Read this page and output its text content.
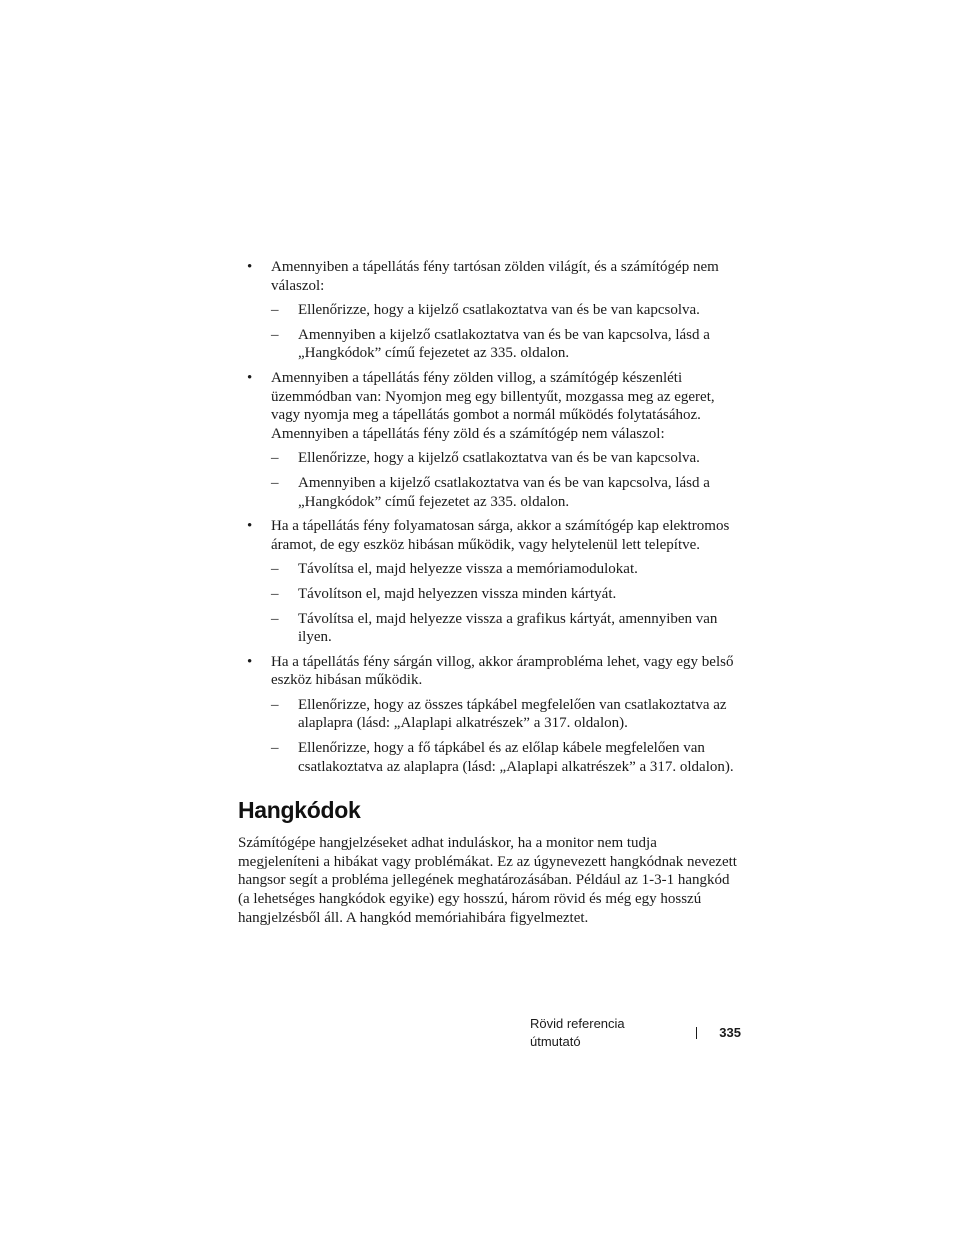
• Amennyiben a tápellátás fény tartósan zölden világít, és a számítógép nem válaszol:
– Ellenőrizze, hogy a kijelző csatlakoztatva van és be van kapcsolva.
– Amennyiben a kijelző csatlakoztatva van és be van kapcsolva, lásd a „Hangkódok” című fejezetet az 335. oldalon.
• Amennyiben a tápellátás fény zölden villog, a számítógép készenléti üzemmódban van: Nyomjon meg egy billentyűt, mozgassa meg az egeret, vagy nyomja meg a tápellátás gombot a normál működés folytatásához. Amennyiben a tápellátás fény zöld és a számítógép nem válaszol:
– Ellenőrizze, hogy a kijelző csatlakoztatva van és be van kapcsolva.
– Amennyiben a kijelző csatlakoztatva van és be van kapcsolva, lásd a „Hangkódok” című fejezetet az 335. oldalon.
• Ha a tápellátás fény folyamatosan sárga, akkor a számítógép kap elektromos áramot, de egy eszköz hibásan működik, vagy helytelenül lett telepítve.
– Távolítsa el, majd helyezze vissza a memóriamodulokat.
– Távolítson el, majd helyezzen vissza minden kártyát.
– Távolítsa el, majd helyezze vissza a grafikus kártyát, amennyiben van ilyen.
• Ha a tápellátás fény sárgán villog, akkor áramprobléma lehet, vagy egy belső eszköz hibásan működik.
– Ellenőrizze, hogy az összes tápkábel megfelelően van csatlakoztatva az alaplapra (lásd: „Alaplapi alkatrészek” a 317. oldalon).
– Ellenőrizze, hogy a fő tápkábel és az előlap kábele megfelelően van csatlakoztatva az alaplapra (lásd: „Alaplapi alkatrészek” a 317. oldalon).
Hangkódok

Számítógépe hangjelzéseket adhat induláskor, ha a monitor nem tudja megjeleníteni a hibákat vagy problémákat. Ez az úgynevezett hangkódnak nevezett hangsor segít a probléma jellegének meghatározásában. Például az 1-3-1 hangkód (a lehetséges hangkódok egyike) egy hosszú, három rövid és még egy hosszú hangjelzésből áll. A hangkód memóriahibára figyelmeztet.

Rövid referencia útmutató
335
